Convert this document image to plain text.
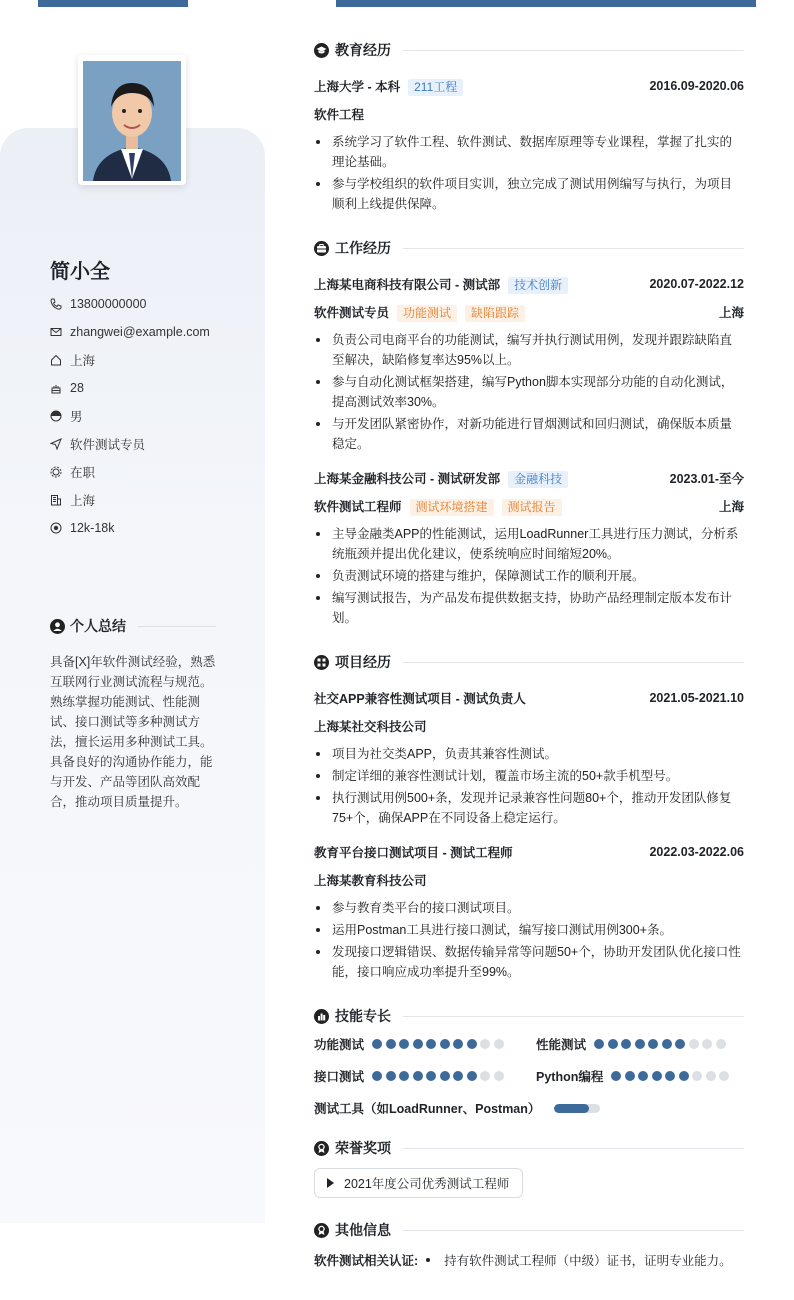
简小全
13800000000
zhangwei@example.com
上海
28
男
软件测试专员
在职
上海
12k-18k
个人总结
具备[X]年软件测试经验，熟悉互联网行业测试流程与规范。熟练掌握功能测试、性能测试、接口测试等多种测试方法，擅长运用多种测试工具。具备良好的沟通协作能力，能与开发、产品等团队高效配合，推动项目质量提升。
教育经历
上海大学 - 本科 211工程	2016.09-2020.06
软件工程
系统学习了软件工程、软件测试、数据库原理等专业课程，掌握了扎实的理论基础。
参与学校组织的软件项目实训，独立完成了测试用例编写与执行，为项目顺利上线提供保障。
工作经历
上海某电商科技有限公司 - 测试部 技术创新	2020.07-2022.12
软件测试专员 功能测试 缺陷跟踪	上海
负责公司电商平台的功能测试，编写并执行测试用例，发现并跟踪缺陷直至解决，缺陷修复率达95%以上。
参与自动化测试框架搭建，编写Python脚本实现部分功能的自动化测试，提高测试效率30%。
与开发团队紧密协作，对新功能进行冒烟测试和回归测试，确保版本质量稳定。
上海某金融科技公司 - 测试研发部 金融科技	2023.01-至今
软件测试工程师 测试环境搭建 测试报告	上海
主导金融类APP的性能测试，运用LoadRunner工具进行压力测试，分析系统瓶颈并提出优化建议，使系统响应时间缩短20%。
负责测试环境的搭建与维护，保障测试工作的顺利开展。
编写测试报告，为产品发布提供数据支持，协助产品经理制定版本发布计划。
项目经历
社交APP兼容性测试项目 - 测试负责人	2021.05-2021.10
上海某社交科技公司
项目为社交类APP，负责其兼容性测试。
制定详细的兼容性测试计划，覆盖市场主流的50+款手机型号。
执行测试用例500+条，发现并记录兼容性问题80+个，推动开发团队修复75+个，确保APP在不同设备上稳定运行。
教育平台接口测试项目 - 测试工程师	2022.03-2022.06
上海某教育科技公司
参与教育类平台的接口测试项目。
运用Postman工具进行接口测试，编写接口测试用例300+条。
发现接口逻辑错误、数据传输异常等问题50+个，协助开发团队优化接口性能，接口响应成功率提升至99%。
技能专长
功能测试	性能测试
接口测试	Python编程
测试工具（如LoadRunner、Postman）
荣誉奖项
2021年度公司优秀测试工程师
其他信息
软件测试相关认证: 持有软件测试工程师（中级）证书，证明专业能力。
